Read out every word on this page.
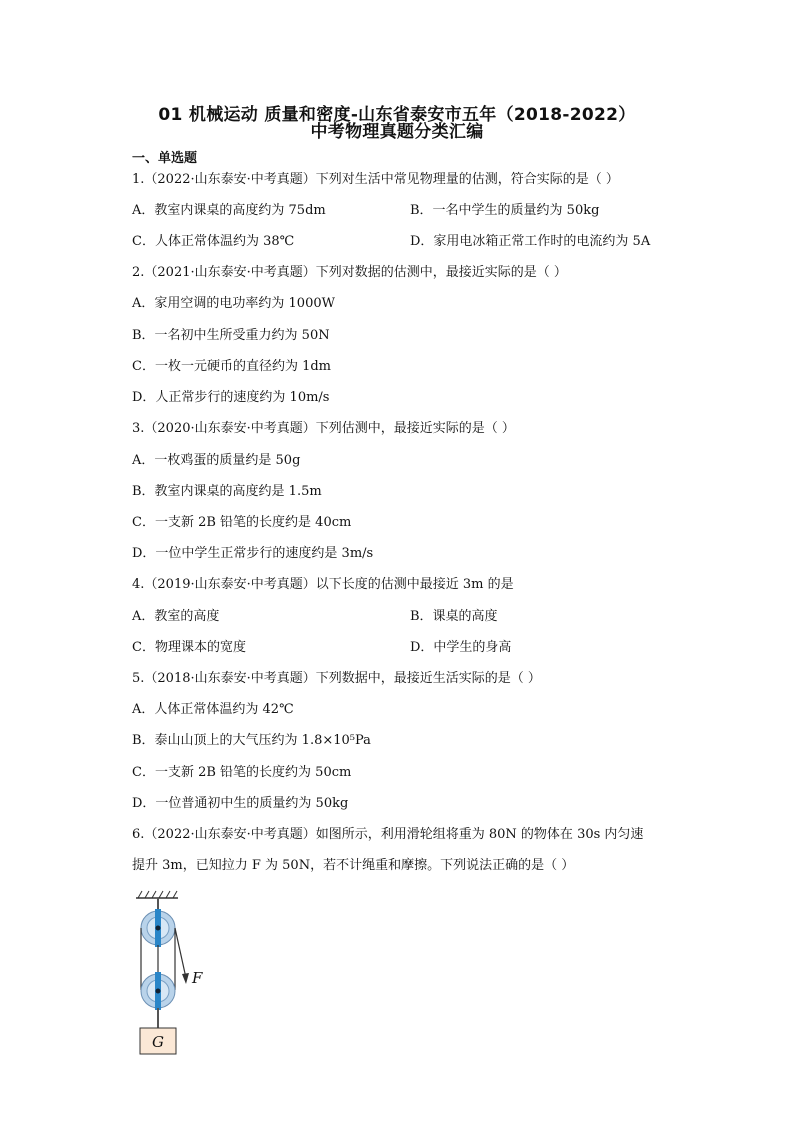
01 机械运动 质量和密度-山东省泰安市五年（2018-2022）
中考物理真题分类汇编
一、单选题
1.（2022·山东泰安·中考真题）下列对生活中常见物理量的估测，符合实际的是（ ）
A．教室内课桌的高度约为 75dm	B．一名中学生的质量约为 50kg
C．人体正常体温约为 38℃	D．家用电冰箱正常工作时的电流约为 5A
2.（2021·山东泰安·中考真题）下列对数据的估测中，最接近实际的是（ ）
A．家用空调的电功率约为 1000W
B．一名初中生所受重力约为 50N
C．一枚一元硬币的直径约为 1dm
D．人正常步行的速度约为 10m/s
3.（2020·山东泰安·中考真题）下列估测中，最接近实际的是（ ）
A．一枚鸡蛋的质量约是 50g
B．教室内课桌的高度约是 1.5m
C．一支新 2B 铅笔的长度约是 40cm
D．一位中学生正常步行的速度约是 3m/s
4.（2019·山东泰安·中考真题）以下长度的估测中最接近 3m 的是
A．教室的高度	B．课桌的高度
C．物理课本的宽度	D．中学生的身高
5.（2018·山东泰安·中考真题）下列数据中，最接近生活实际的是（ ）
A．人体正常体温约为 42℃
B．泰山山顶上的大气压约为 1.8×10⁵Pa
C．一支新 2B 铅笔的长度约为 50cm
D．一位普通初中生的质量约为 50kg
6.（2022·山东泰安·中考真题）如图所示，利用滑轮组将重为 80N 的物体在 30s 内匀速
提升 3m，已知拉力 F 为 50N，若不计绳重和摩擦。下列说法正确的是（ ）
F
G
